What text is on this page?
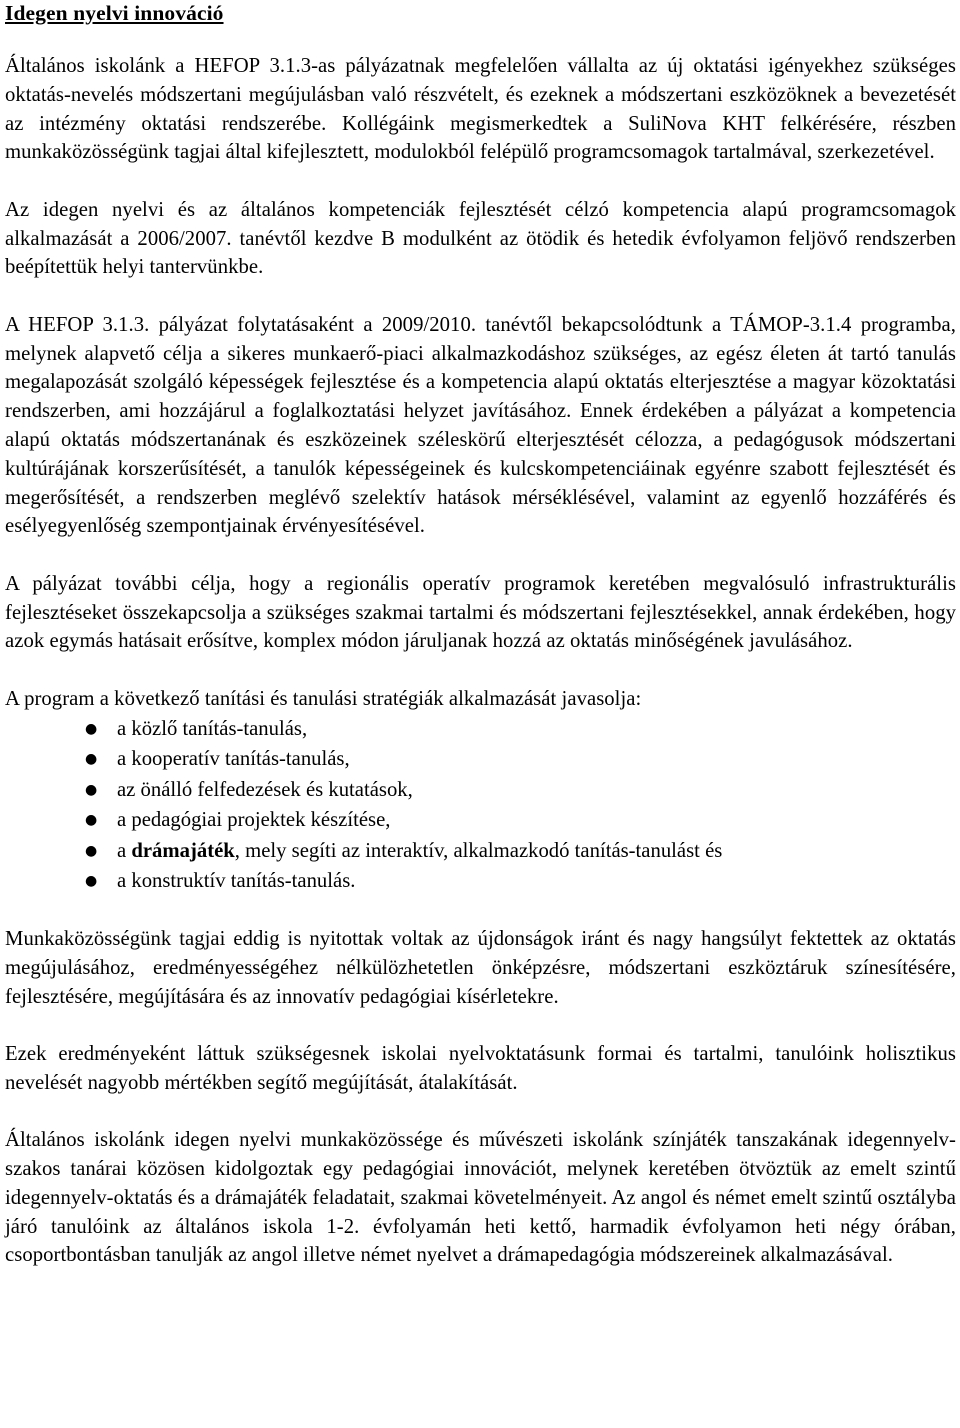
Idegen nyelvi innováció

Általános iskolánk a HEFOP 3.1.3-as pályázatnak megfelelően vállalta az új oktatási igényekhez szükséges oktatás-nevelés módszertani megújulásban való részvételt, és ezeknek a módszertani eszközöknek a bevezetését az intézmény oktatási rendszerébe. Kollégáink megismerkedtek a SuliNova KHT felkérésére, részben munkaközösségünk tagjai által kifejlesztett, modulokból felépülő programcsomagok tartalmával, szerkezetével.

Az idegen nyelvi és az általános kompetenciák fejlesztését célzó kompetencia alapú programcsomagok alkalmazását a 2006/2007. tanévtől kezdve B modulként az ötödik és hetedik évfolyamon feljövő rendszerben beépítettük helyi tantervünkbe.

A HEFOP 3.1.3. pályázat folytatásaként a 2009/2010. tanévtől bekapcsolódtunk a TÁMOP-3.1.4 programba, melynek alapvető célja a sikeres munkaerő-piaci alkalmazkodáshoz szükséges, az egész életen át tartó tanulás megalapozását szolgáló képességek fejlesztése és a kompetencia alapú oktatás elterjesztése a magyar közoktatási rendszerben, ami hozzájárul a foglalkoztatási helyzet javításához. Ennek érdekében a pályázat a kompetencia alapú oktatás módszertanának és eszközeinek széleskörű elterjesztését célozza, a pedagógusok módszertani kultúrájának korszerűsítését, a tanulók képességeinek és kulcskompetenciáinak egyénre szabott fejlesztését és megerősítését, a rendszerben meglévő szelektív hatások mérséklésével, valamint az egyenlő hozzáférés és esélyegyenlőség szempontjainak érvényesítésével.

A pályázat további célja, hogy a regionális operatív programok keretében megvalósuló infrastrukturális fejlesztéseket összekapcsolja a szükséges szakmai tartalmi és módszertani fejlesztésekkel, annak érdekében, hogy azok egymás hatásait erősítve, komplex módon járuljanak hozzá az oktatás minőségének javulásához.

A program a következő tanítási és tanulási stratégiák alkalmazását javasolja:

● a közlő tanítás-tanulás,
● a kooperatív tanítás-tanulás,
● az önálló felfedezések és kutatások,
● a pedagógiai projektek készítése,
● a drámajáték, mely segíti az interaktív, alkalmazkodó tanítás-tanulást és
● a konstruktív tanítás-tanulás.

Munkaközösségünk tagjai eddig is nyitottak voltak az újdonságok iránt és nagy hangsúlyt fektettek az oktatás megújulásához, eredményességéhez nélkülözhetetlen önképzésre, módszertani eszköztáruk színesítésére, fejlesztésére, megújítására és az innovatív pedagógiai kísérletekre.

Ezek eredményeként láttuk szükségesnek iskolai nyelvoktatásunk formai és tartalmi, tanulóink holisztikus nevelését nagyobb mértékben segítő megújítását, átalakítását.

Általános iskolánk idegen nyelvi munkaközössége és művészeti iskolánk színjáték tanszakának idegennyelv-szakos tanárai közösen kidolgoztak egy pedagógiai innovációt, melynek keretében ötvöztük az emelt szintű idegennyelv-oktatás és a drámajáték feladatait, szakmai követelményeit. Az angol és német emelt szintű osztályba járó tanulóink az általános iskola 1-2. évfolyamán heti kettő, harmadik évfolyamon heti négy órában, csoportbontásban tanulják az angol illetve német nyelvet a drámapedagógia módszereinek alkalmazásával.
